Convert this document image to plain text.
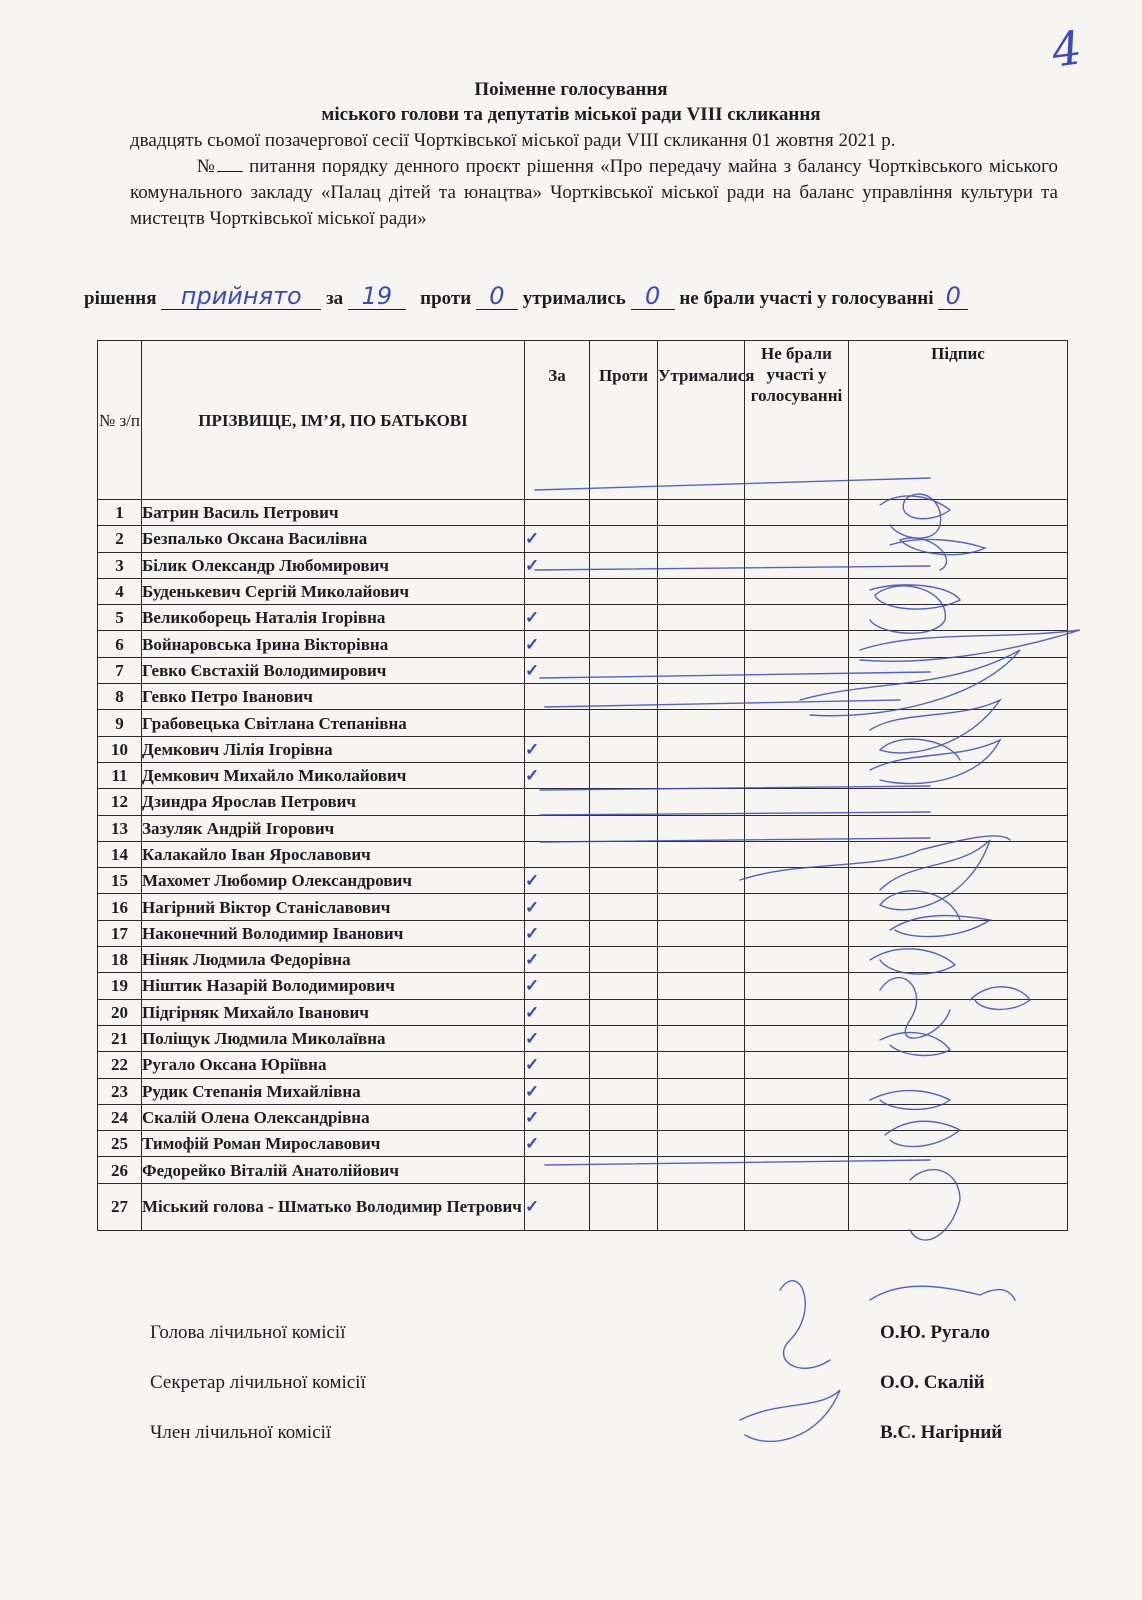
4
Поіменне голосування
міського голови та депутатів міської ради VIII скликання
двадцять сьомої позачергової сесії Чортківської міської ради VIII скликання 01 жовтня 2021 р.
№ питання порядку денного проєкт рішення «Про передачу майна з балансу Чортківського міського комунального закладу «Палац дітей та юнацтва» Чортківської міської ради на баланс управління культури та мистецтв Чортківської міської ради»
рішення прийнято за 19 проти 0 утримались 0 не брали участі у голосуванні 0
№ з/п	ПРІЗВИЩЕ, ІМ’Я, ПО БАТЬКОВІ	За	Проти	Утрималися	Не брали участі у голосуванні	Підпис
1	Батрин Василь Петрович					
2	Безпалько Оксана Василівна	✓				
3	Білик Олександр Любомирович	✓				
4	Буденькевич Сергій Миколайович					
5	Великоборець Наталія Ігорівна	✓				
6	Войнаровська Ірина Вікторівна	✓				
7	Гевко Євстахій Володимирович	✓				
8	Гевко Петро Іванович					
9	Грабовецька Світлана Степанівна					
10	Демкович Лілія Ігорівна	✓				
11	Демкович Михайло Миколайович	✓				
12	Дзиндра Ярослав Петрович					
13	Зазуляк Андрій Ігорович					
14	Калакайло Іван Ярославович					
15	Махомет Любомир Олександрович	✓				
16	Нагірний Віктор Станіславович	✓				
17	Наконечний Володимир Іванович	✓				
18	Ніняк Людмила Федорівна	✓				
19	Ніштик Назарій Володимирович	✓				
20	Підгірняк Михайло Іванович	✓				
21	Поліщук Людмила Миколаївна	✓				
22	Ругало Оксана Юріївна	✓				
23	Рудик Степанія Михайлівна	✓				
24	Скалій Олена Олександрівна	✓				
25	Тимофій Роман Мирославович	✓				
26	Федорейко Віталій Анатолійович					
27	Міський голова - Шматько Володимир Петрович	✓				
Голова лічильної комісії	О.Ю. Ругало
Секретар лічильної комісії	О.О. Скалій
Член лічильної комісії	В.С. Нагірний
